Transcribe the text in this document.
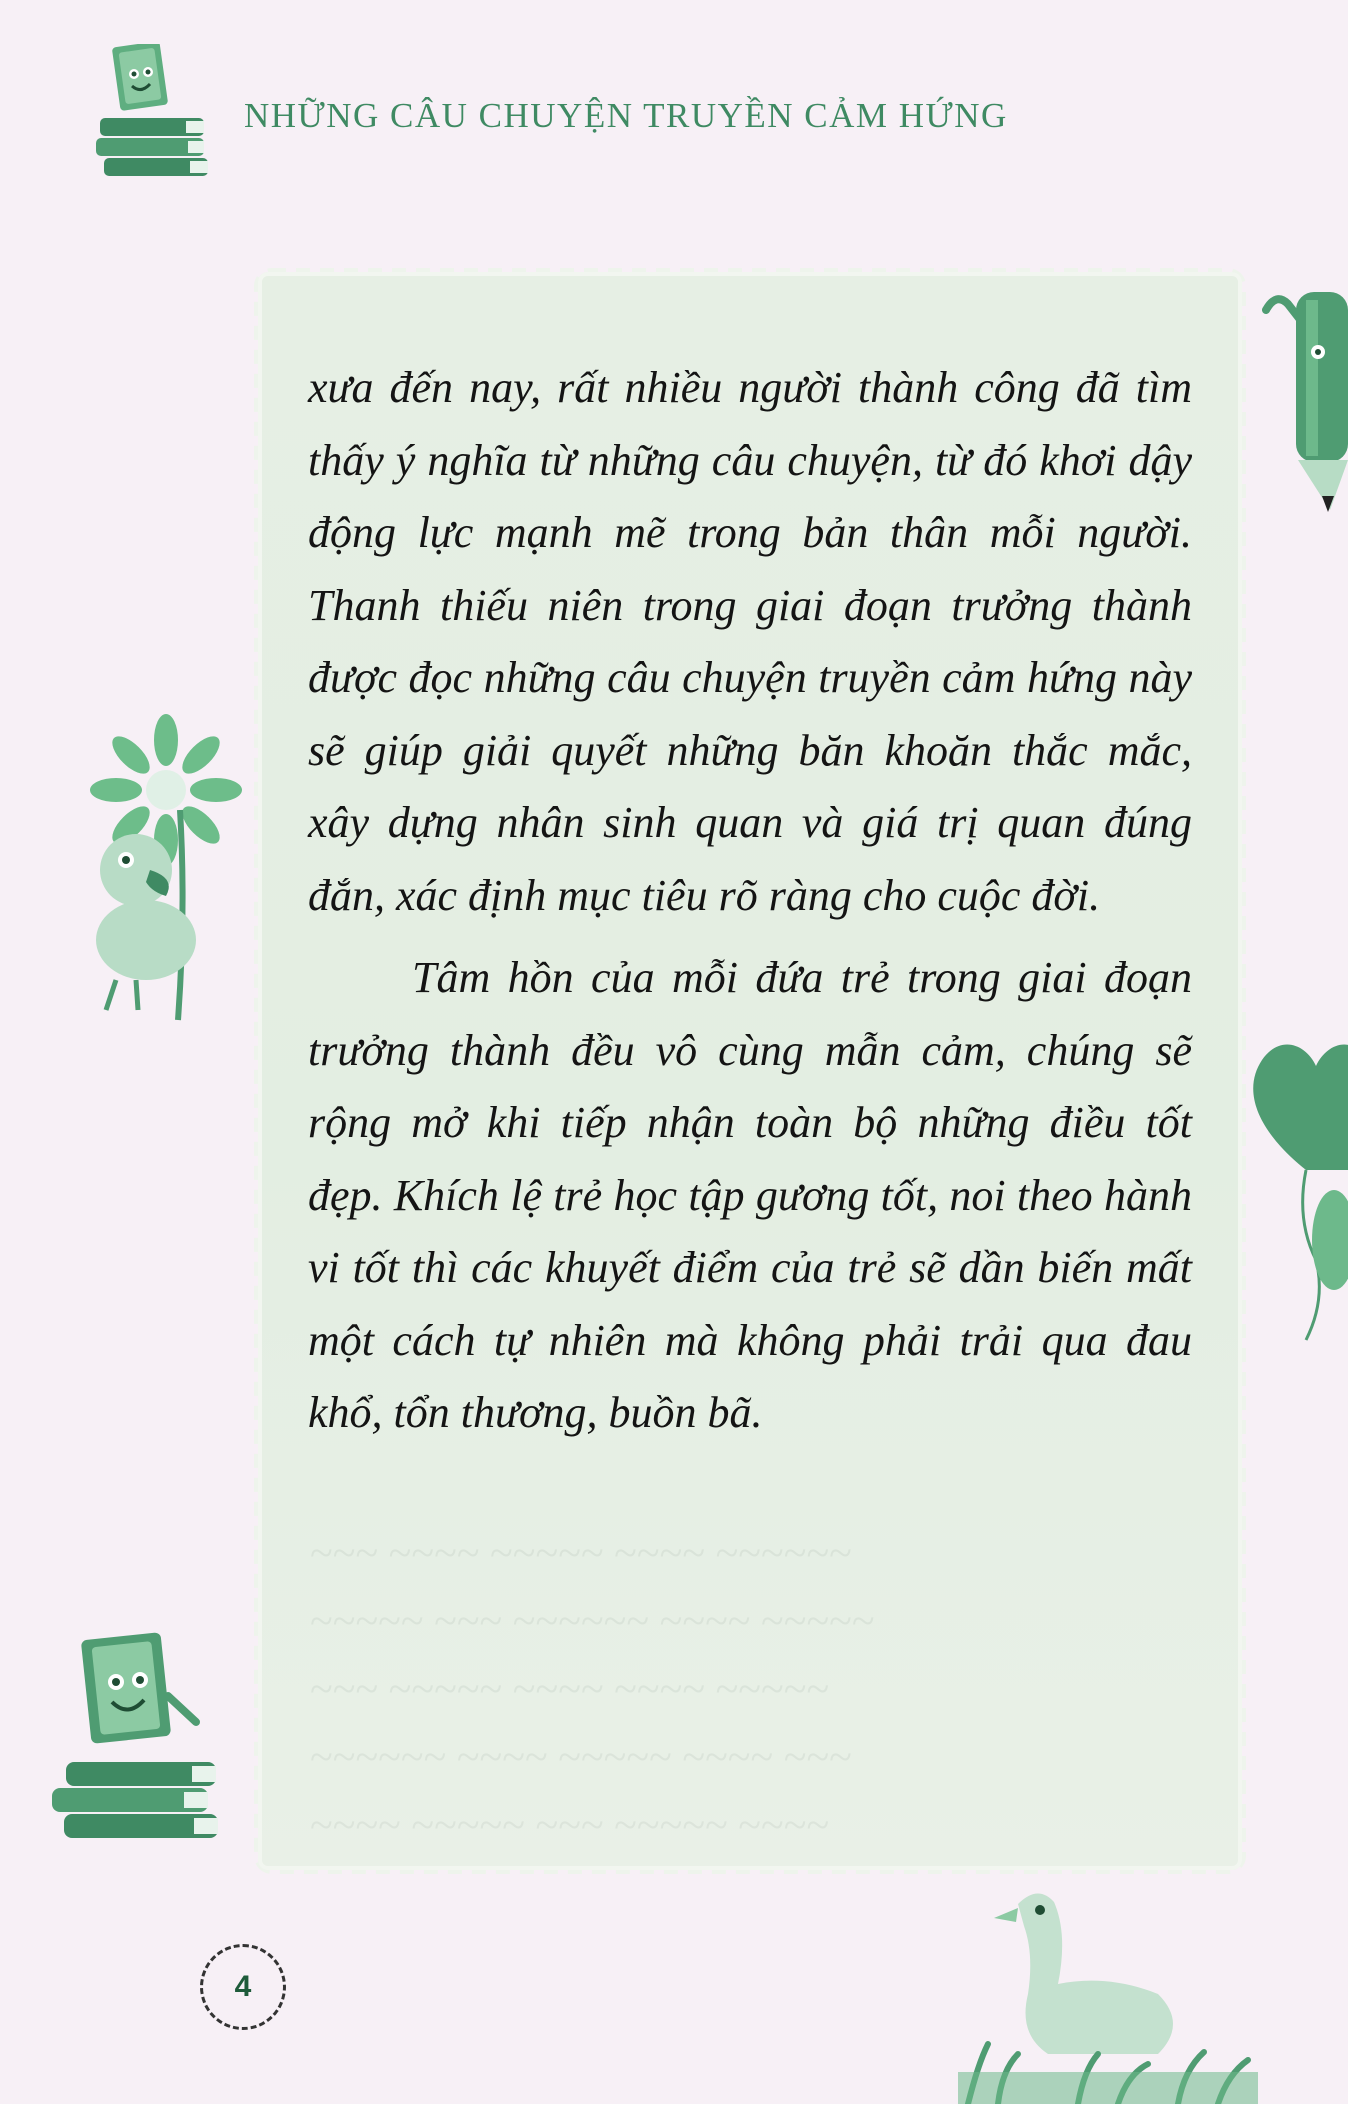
NHỮNG CÂU CHUYỆN TRUYỀN CẢM HỨNG
~~~ ~~~~ ~~~~~ ~~~~ ~~~~~~
~~~~~ ~~~ ~~~~~~ ~~~~ ~~~~~
~~~ ~~~~~ ~~~~ ~~~~ ~~~~~
~~~~~~ ~~~~ ~~~~~ ~~~~ ~~~
~~~~ ~~~~~ ~~~ ~~~~~ ~~~~

xưa đến nay, rất nhiều người thành công đã tìm thấy ý nghĩa từ những câu chuyện, từ đó khơi dậy động lực mạnh mẽ trong bản thân mỗi người. Thanh thiếu niên trong giai đoạn trưởng thành được đọc những câu chuyện truyền cảm hứng này sẽ giúp giải quyết những băn khoăn thắc mắc, xây dựng nhân sinh quan và giá trị quan đúng đắn, xác định mục tiêu rõ ràng cho cuộc đời.

Tâm hồn của mỗi đứa trẻ trong giai đoạn trưởng thành đều vô cùng mẫn cảm, chúng sẽ rộng mở khi tiếp nhận toàn bộ những điều tốt đẹp. Khích lệ trẻ học tập gương tốt, noi theo hành vi tốt thì các khuyết điểm của trẻ sẽ dần biến mất một cách tự nhiên mà không phải trải qua đau khổ, tổn thương, buồn bã.

4
